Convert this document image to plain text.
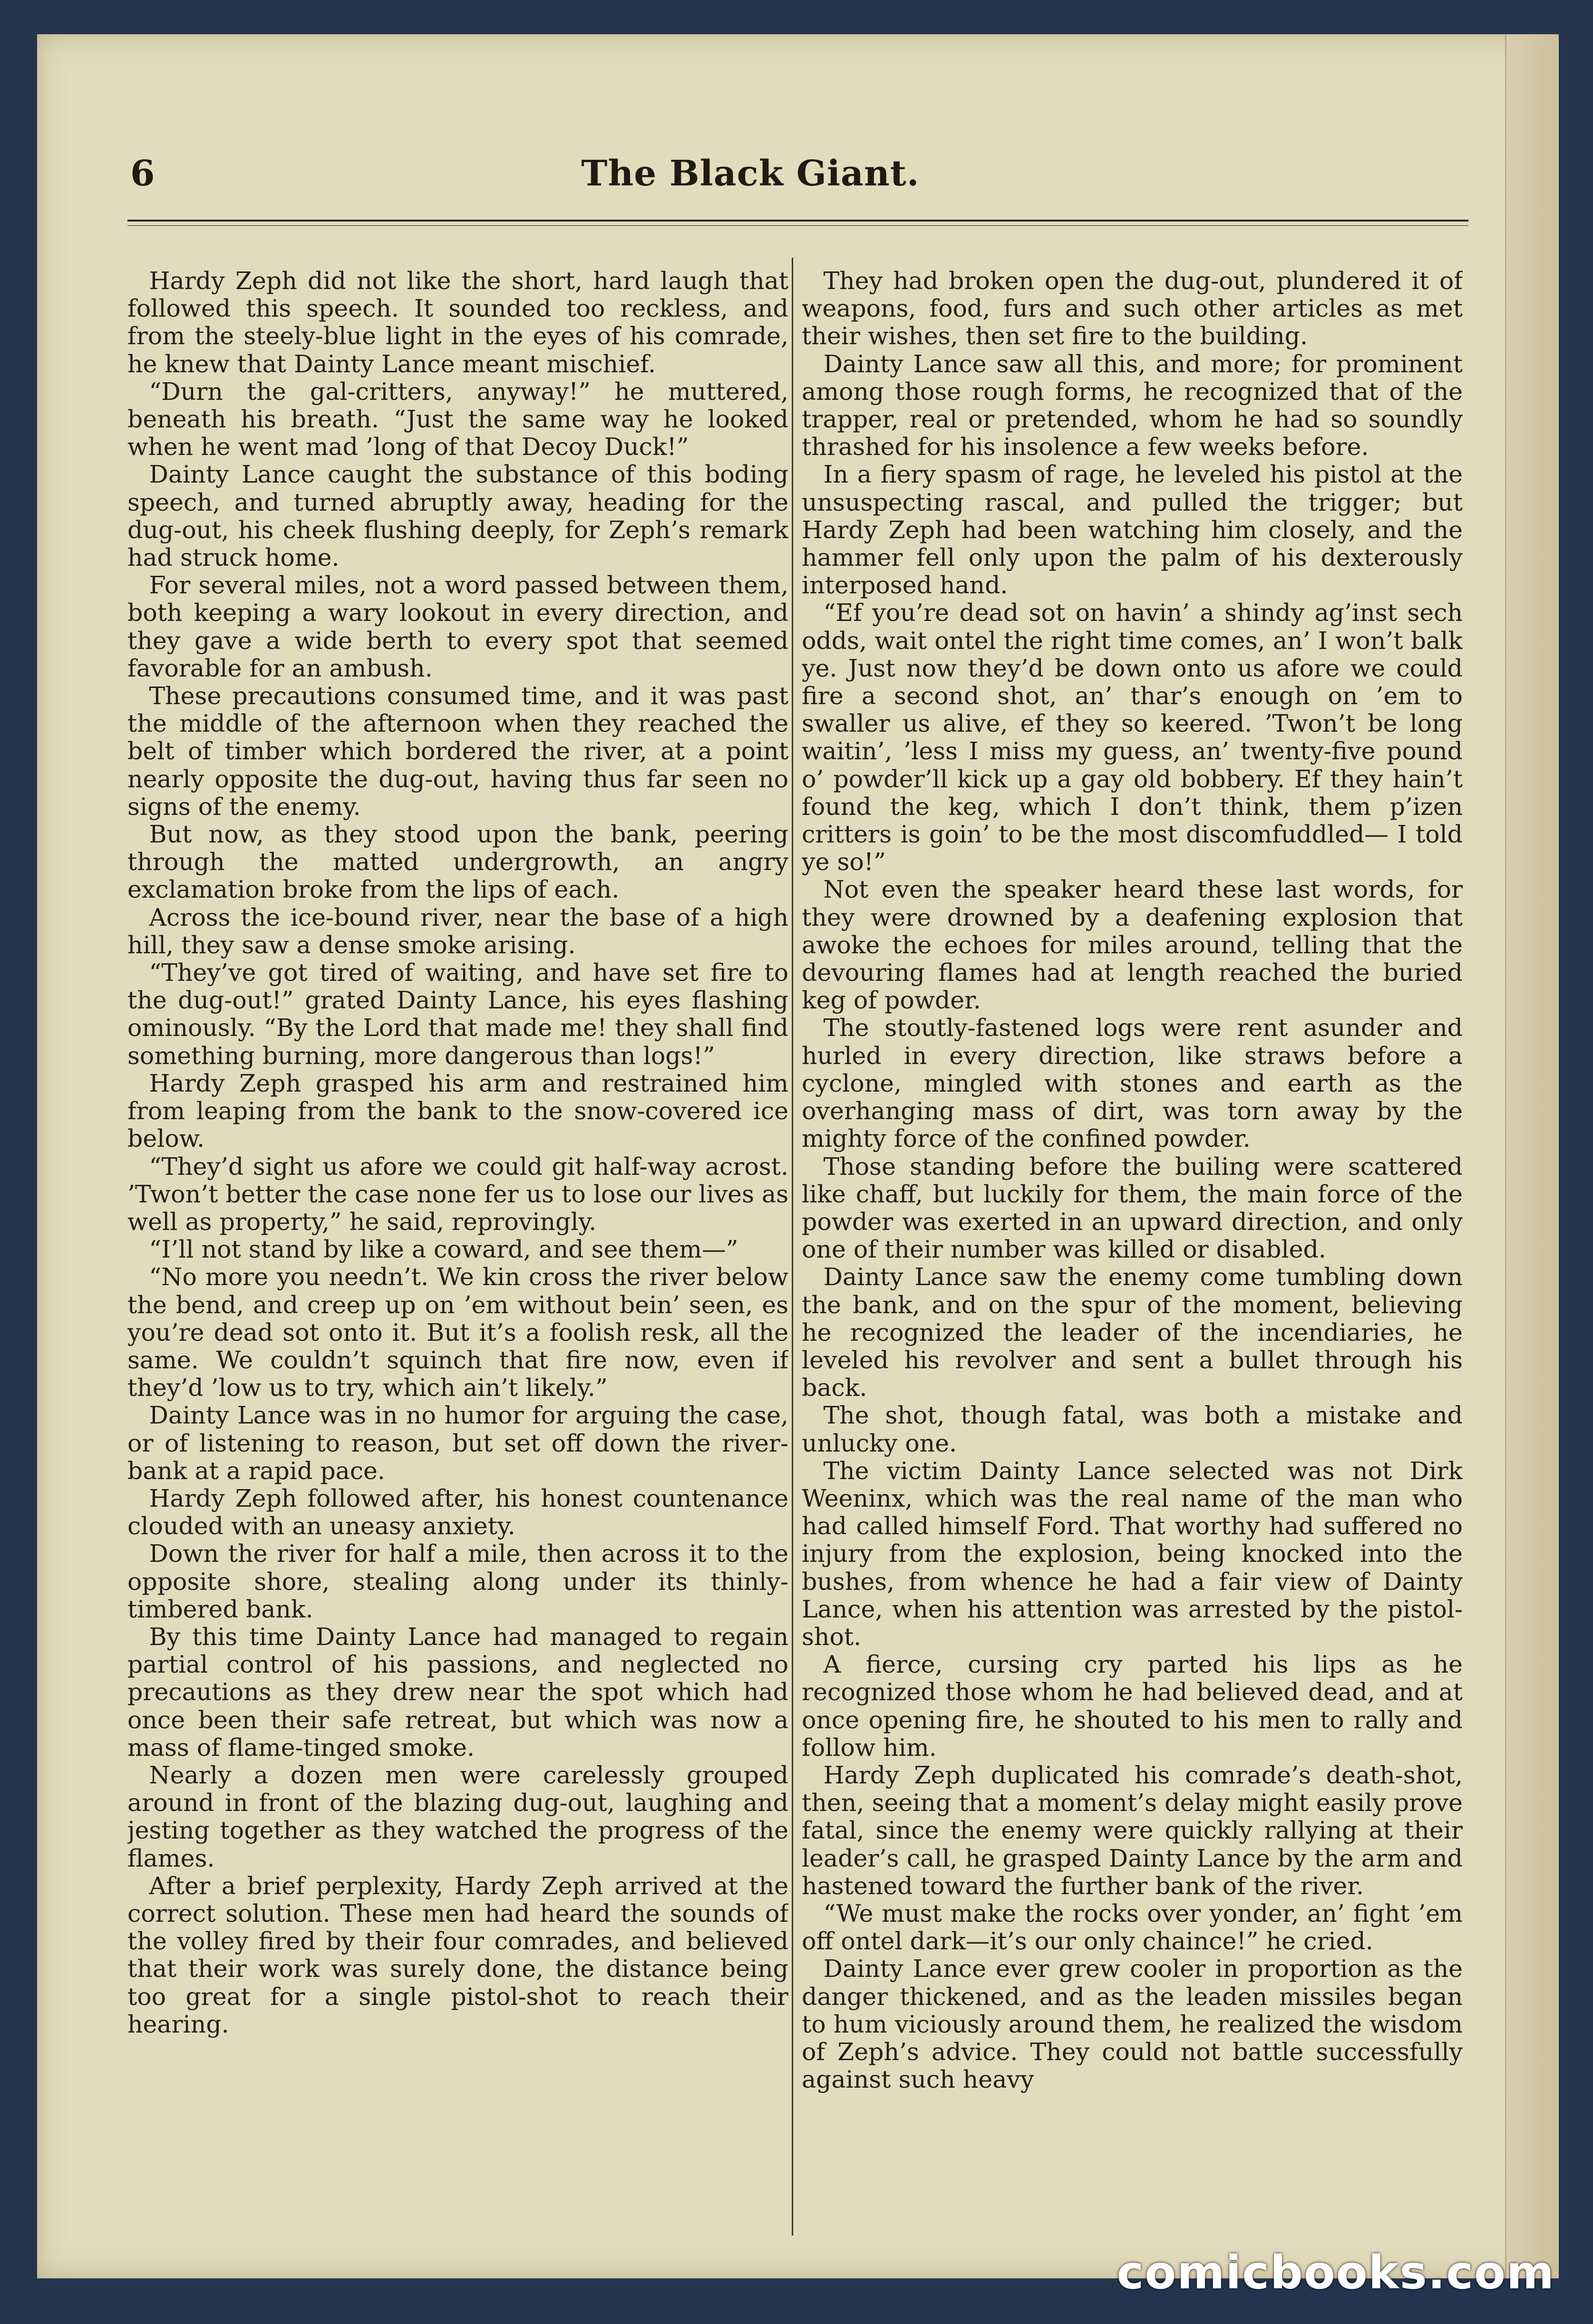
6	The Black Giant.

Hardy Zeph did not like the short, hard laugh that followed this speech. It sounded too reckless, and from the steely-blue light in the eyes of his comrade, he knew that Dainty Lance meant mischief.

“Durn the gal-critters, anyway!” he muttered, beneath his breath. “Just the same way he looked when he went mad ’long of that Decoy Duck!”

Dainty Lance caught the substance of this boding speech, and turned abruptly away, heading for the dug-out, his cheek flushing deeply, for Zeph’s remark had struck home.

For several miles, not a word passed between them, both keeping a wary lookout in every direction, and they gave a wide berth to every spot that seemed favorable for an ambush.

These precautions consumed time, and it was past the middle of the afternoon when they reached the belt of timber which bordered the river, at a point nearly opposite the dug-out, having thus far seen no signs of the enemy.

But now, as they stood upon the bank, peering through the matted undergrowth, an angry exclamation broke from the lips of each.

Across the ice-bound river, near the base of a high hill, they saw a dense smoke arising.

“They’ve got tired of waiting, and have set fire to the dug-out!” grated Dainty Lance, his eyes flashing ominously. “By the Lord that made me! they shall find something burning, more dangerous than logs!”

Hardy Zeph grasped his arm and restrained him from leaping from the bank to the snow-covered ice below.

“They’d sight us afore we could git half-way acrost. ’Twon’t better the case none fer us to lose our lives as well as property,” he said, reprovingly.

“I’ll not stand by like a coward, and see them—”

“No more you needn’t. We kin cross the river below the bend, and creep up on ’em without bein’ seen, es you’re dead sot onto it. But it’s a foolish resk, all the same. We couldn’t squinch that fire now, even if they’d ’low us to try, which ain’t likely.”

Dainty Lance was in no humor for arguing the case, or of listening to reason, but set off down the river-bank at a rapid pace.

Hardy Zeph followed after, his honest countenance clouded with an uneasy anxiety.

Down the river for half a mile, then across it to the opposite shore, stealing along under its thinly-timbered bank.

By this time Dainty Lance had managed to regain partial control of his passions, and neglected no precautions as they drew near the spot which had once been their safe retreat, but which was now a mass of flame-tinged smoke.

Nearly a dozen men were carelessly grouped around in front of the blazing dug-out, laughing and jesting together as they watched the progress of the flames.

After a brief perplexity, Hardy Zeph arrived at the correct solution. These men had heard the sounds of the volley fired by their four comrades, and believed that their work was surely done, the distance being too great for a single pistol-shot to reach their hearing.

They had broken open the dug-out, plundered it of weapons, food, furs and such other articles as met their wishes, then set fire to the building.

Dainty Lance saw all this, and more; for prominent among those rough forms, he recognized that of the trapper, real or pretended, whom he had so soundly thrashed for his insolence a few weeks before.

In a fiery spasm of rage, he leveled his pistol at the unsuspecting rascal, and pulled the trigger; but Hardy Zeph had been watching him closely, and the hammer fell only upon the palm of his dexterously interposed hand.

“Ef you’re dead sot on havin’ a shindy ag’inst sech odds, wait ontel the right time comes, an’ I won’t balk ye. Just now they’d be down onto us afore we could fire a second shot, an’ thar’s enough on ’em to swaller us alive, ef they so keered. ’Twon’t be long waitin’, ’less I miss my guess, an’ twenty-five pound o’ powder’ll kick up a gay old bobbery. Ef they hain’t found the keg, which I don’t think, them p’izen critters is goin’ to be the most discomfuddled— I told ye so!”

Not even the speaker heard these last words, for they were drowned by a deafening explosion that awoke the echoes for miles around, telling that the devouring flames had at length reached the buried keg of powder.

The stoutly-fastened logs were rent asunder and hurled in every direction, like straws before a cyclone, mingled with stones and earth as the overhanging mass of dirt, was torn away by the mighty force of the confined powder.

Those standing before the builing were scattered like chaff, but luckily for them, the main force of the powder was exerted in an upward direction, and only one of their number was killed or disabled.

Dainty Lance saw the enemy come tumbling down the bank, and on the spur of the moment, believing he recognized the leader of the incendiaries, he leveled his revolver and sent a bullet through his back.

The shot, though fatal, was both a mistake and unlucky one.

The victim Dainty Lance selected was not Dirk Weeninx, which was the real name of the man who had called himself Ford. That worthy had suffered no injury from the explosion, being knocked into the bushes, from whence he had a fair view of Dainty Lance, when his attention was arrested by the pistol-shot.

A fierce, cursing cry parted his lips as he recognized those whom he had believed dead, and at once opening fire, he shouted to his men to rally and follow him.

Hardy Zeph duplicated his comrade’s death-shot, then, seeing that a moment’s delay might easily prove fatal, since the enemy were quickly rallying at their leader’s call, he grasped Dainty Lance by the arm and hastened toward the further bank of the river.

“We must make the rocks over yonder, an’ fight ’em off ontel dark—it’s our only chaince!” he cried.

Dainty Lance ever grew cooler in proportion as the danger thickened, and as the leaden missiles began to hum viciously around them, he realized the wisdom of Zeph’s advice. They could not battle successfully against such heavy

comicbooks.com
